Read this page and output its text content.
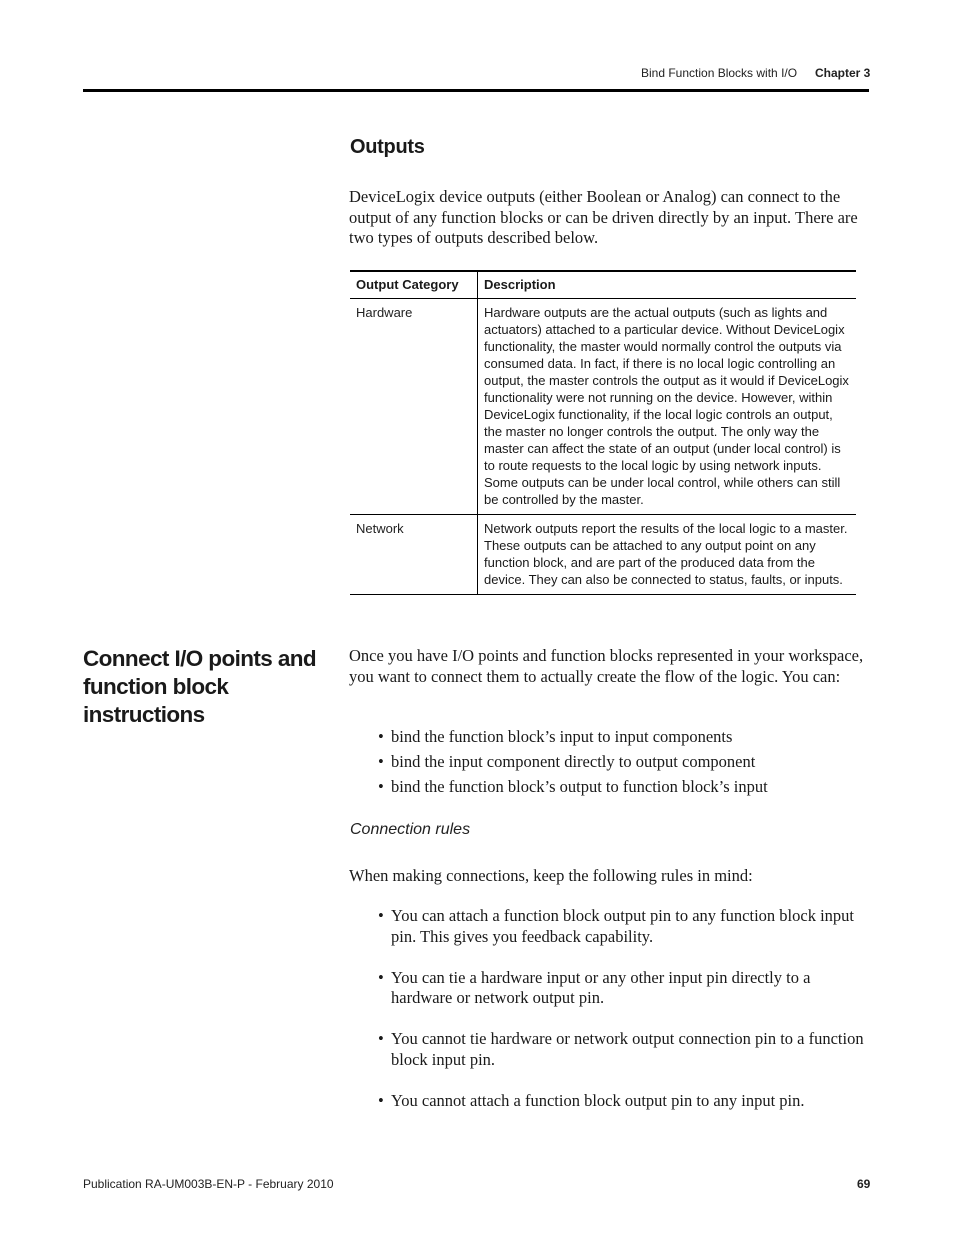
Bind Function Blocks with I/O Chapter 3
Outputs

DeviceLogix device outputs (either Boolean or Analog) can connect to the output of any function blocks or can be driven directly by an input. There are two types of outputs described below.

Output Category	Description
Hardware	Hardware outputs are the actual outputs (such as lights and actuators) attached to a particular device. Without DeviceLogix functionality, the master would normally control the outputs via consumed data. In fact, if there is no local logic controlling an output, the master controls the output as it would if DeviceLogix functionality were not running on the device. However, within DeviceLogix functionality, if the local logic controls an output, the master no longer controls the output. The only way the master can affect the state of an output (under local control) is to route requests to the local logic by using network inputs. Some outputs can be under local control, while others can still be controlled by the master.
Network	Network outputs report the results of the local logic to a master. These outputs can be attached to any output point on any function block, and are part of the produced data from the device. They can also be connected to status, faults, or inputs.
Connect I/O points and function block instructions

Once you have I/O points and function blocks represented in your workspace, you want to connect them to actually create the flow of the logic. You can:

• bind the function block’s input to input components
• bind the input component directly to output component
• bind the function block’s output to function block’s input
Connection rules

When making connections, keep the following rules in mind:

• You can attach a function block output pin to any function block input pin. This gives you feedback capability.
• You can tie a hardware input or any other input pin directly to a hardware or network output pin.
• You cannot tie hardware or network output connection pin to a function block input pin.
• You cannot attach a function block output pin to any input pin.
Publication RA-UM003B-EN-P - February 2010	69
